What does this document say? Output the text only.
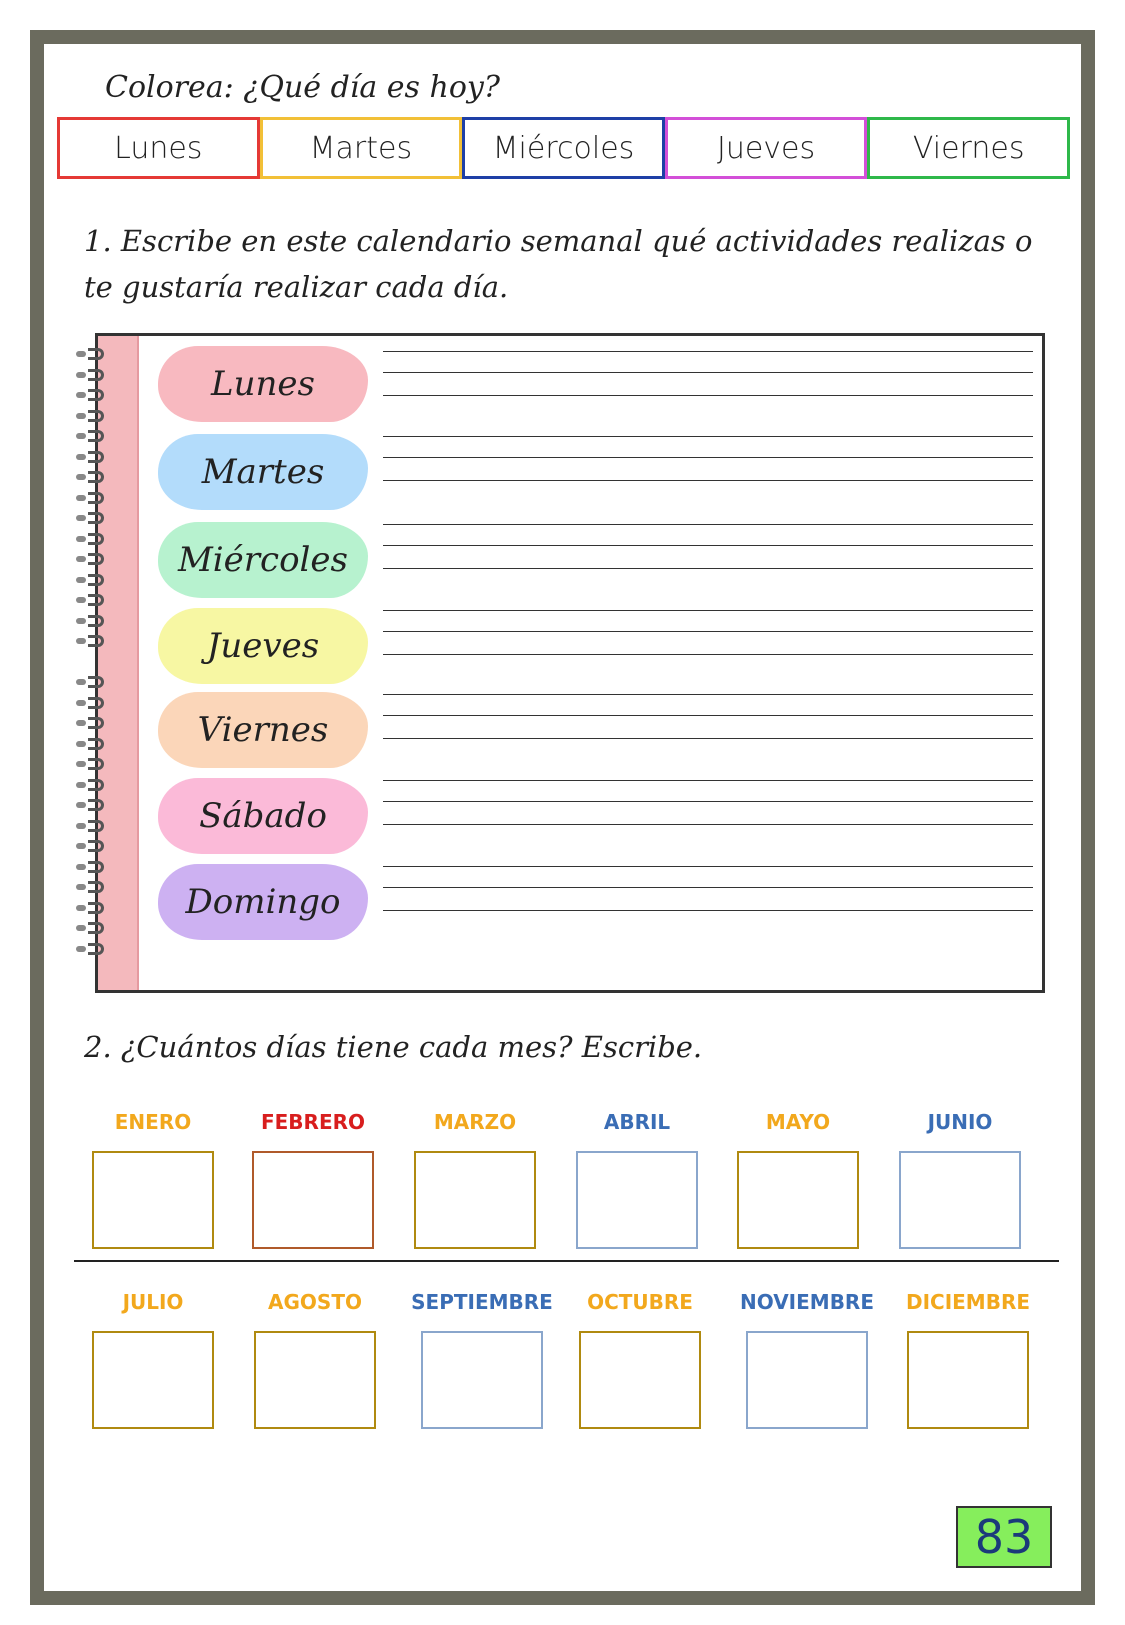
Colorea: ¿Qué día es hoy?
Lunes	Martes	Miércoles	Jueves	Viernes
1. Escribe en este calendario semanal qué actividades realizas o te gustaría realizar cada día.
Lunes
Martes
Miércoles
Jueves
Viernes
Sábado
Domingo
2. ¿Cuántos días tiene cada mes? Escribe.
ENERO	FEBRERO	MARZO	ABRIL	MAYO	JUNIO
JULIO	AGOSTO	SEPTIEMBRE	OCTUBRE	NOVIEMBRE	DICIEMBRE
83
